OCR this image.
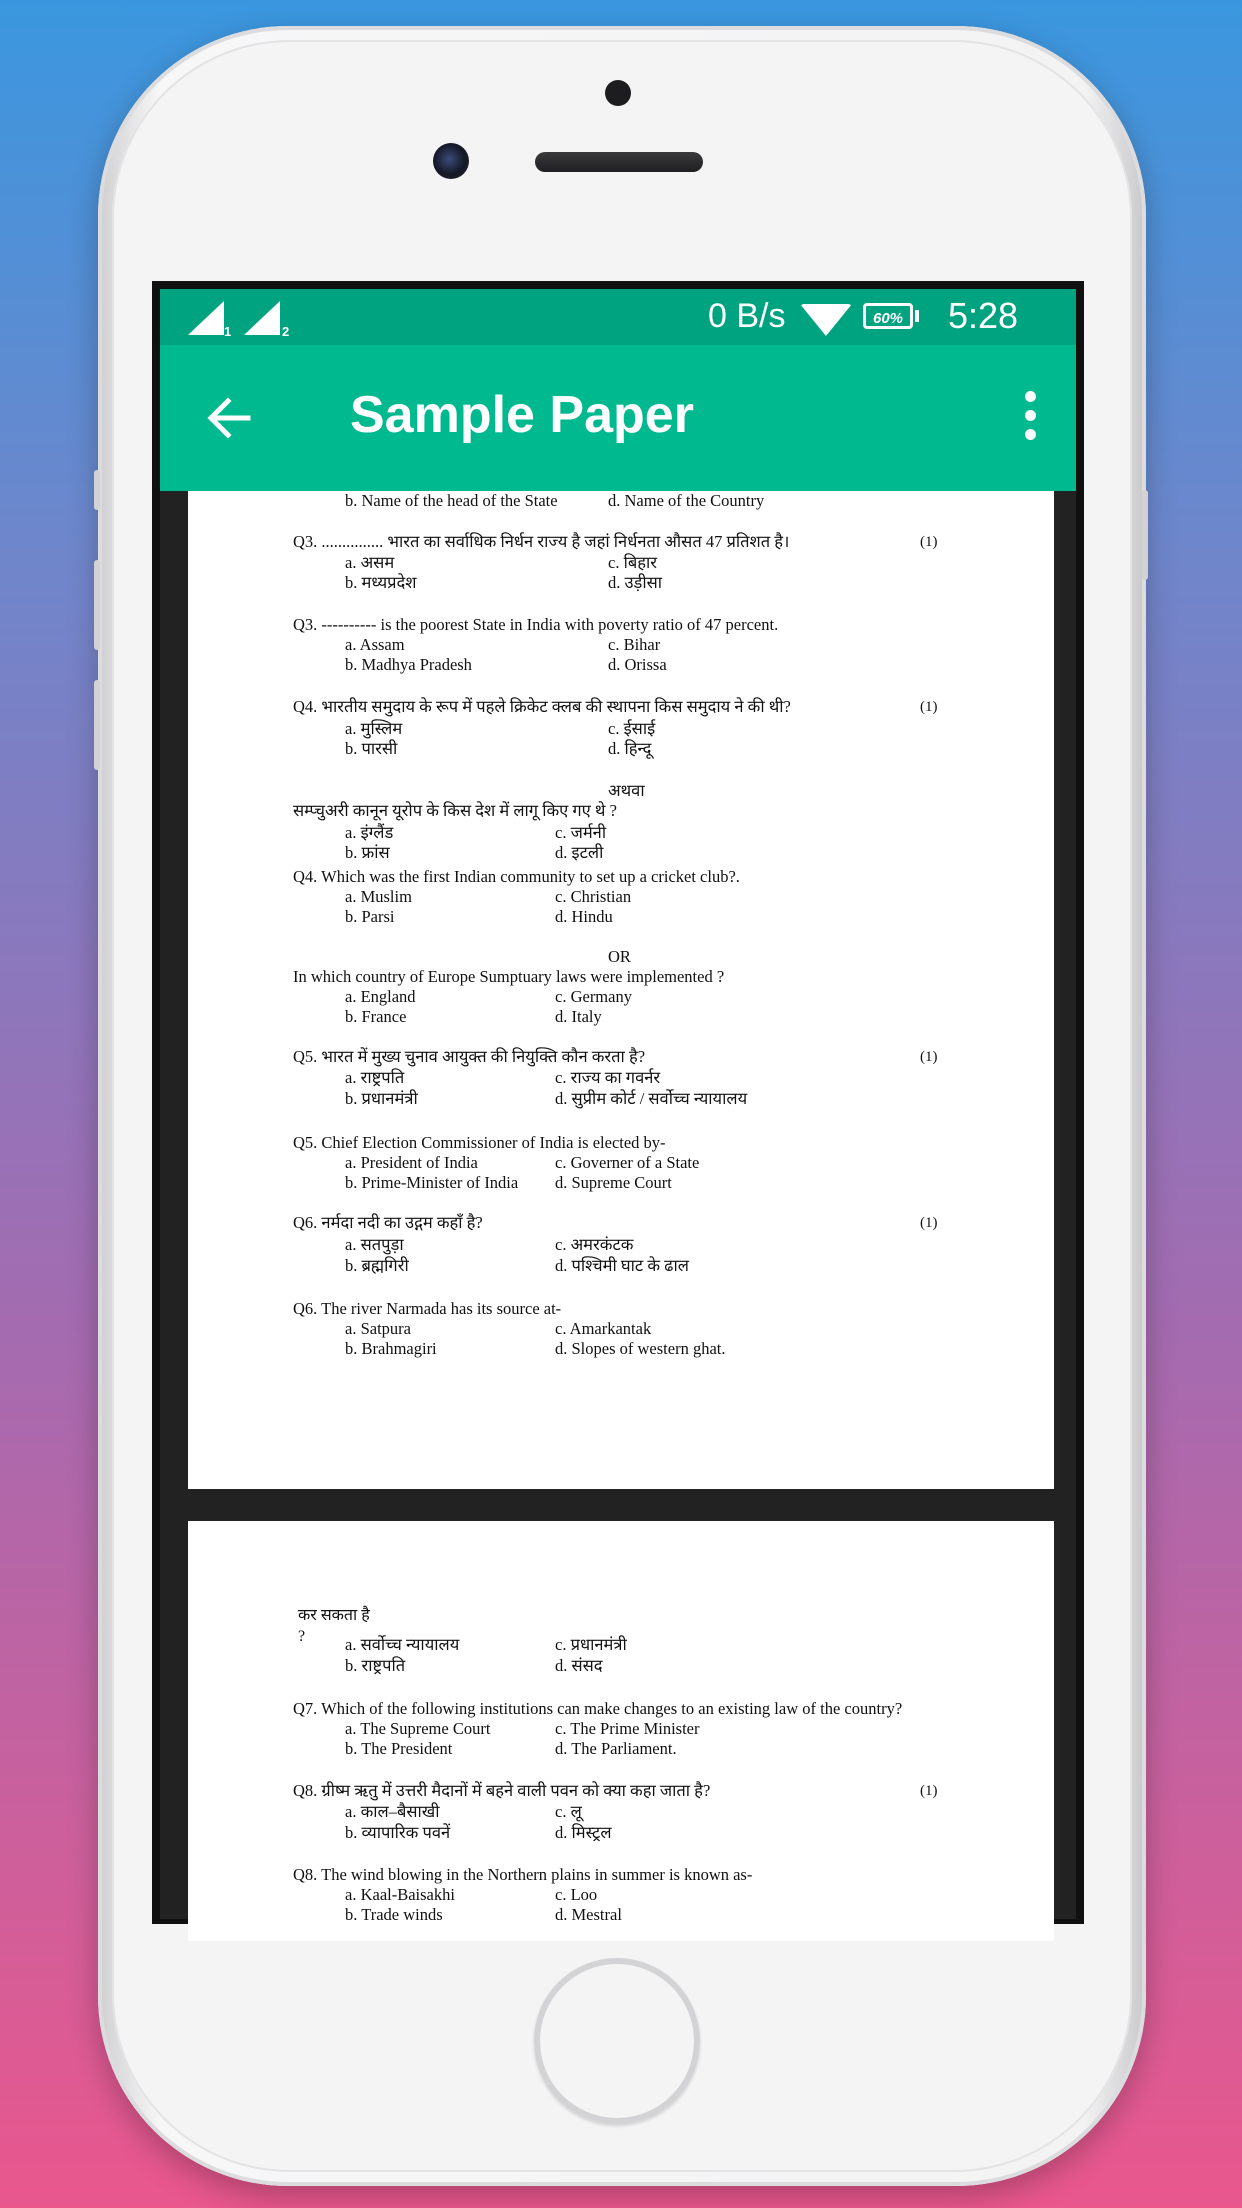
1	2	0 B/s	60% 5:28
Sample Paper
b. Name of the head of the State	d. Name of the Country
Q3. ............... भारत का सर्वाधिक निर्धन राज्य है जहां निर्धनता औसत 47 प्रतिशत है।	(1)
a. असम	c. बिहार
b. मध्यप्रदेश	d. उड़ीसा
Q3. ---------- is the poorest State in India with poverty ratio of 47 percent.
a. Assam	c. Bihar
b. Madhya Pradesh	d. Orissa
Q4. भारतीय समुदाय के रूप में पहले क्रिकेट क्लब की स्थापना किस समुदाय ने की थी?	(1)
a. मुस्लिम	c. ईसाई
b. पारसी	d. हिन्दू
अथवा
सम्प्चुअरी कानून यूरोप के किस देश में लागू किए गए थे ?
a. इंग्लैंड	c. जर्मनी
b. फ्रांस	d. इटली
Q4. Which was the first Indian community to set up a cricket club?.
a. Muslim	c. Christian
b. Parsi	d. Hindu
OR
In which country of Europe Sumptuary laws were implemented ?
a. England	c. Germany
b. France	d. Italy
Q5. भारत में मुख्य चुनाव आयुक्त की नियुक्ति कौन करता है?	(1)
a. राष्ट्रपति	c. राज्य का गवर्नर
b. प्रधानमंत्री	d. सुप्रीम कोर्ट / सर्वोच्च न्यायालय
Q5. Chief Election Commissioner of India is elected by-
a. President of India	c. Governer of a State
b. Prime-Minister of India d. Supreme Court
Q6. नर्मदा नदी का उद्गम कहाँ है?	(1)
a. सतपुड़ा	c. अमरकंटक
b. ब्रह्मगिरी	d. पश्चिमी घाट के ढाल
Q6. The river Narmada has its source at-
a. Satpura	c. Amarkantak
b. Brahmagiri	d. Slopes of western ghat.
कर सकता है ?	a. सर्वोच्च न्यायालय	c. प्रधानमंत्री
b. राष्ट्रपति	d. संसद
Q7. Which of the following institutions can make changes to an existing law of the country?
a. The Supreme Court	c. The Prime Minister
b. The President	d. The Parliament.
Q8. ग्रीष्म ऋतु में उत्तरी मैदानों में बहने वाली पवन को क्या कहा जाता है?	(1)
a. काल–बैसाखी	c. लू
b. व्यापारिक पवनें	d. मिस्ट्रल
Q8. The wind blowing in the Northern plains in summer is known as-
a. Kaal-Baisakhi	c. Loo
b. Trade winds	d. Mestral
